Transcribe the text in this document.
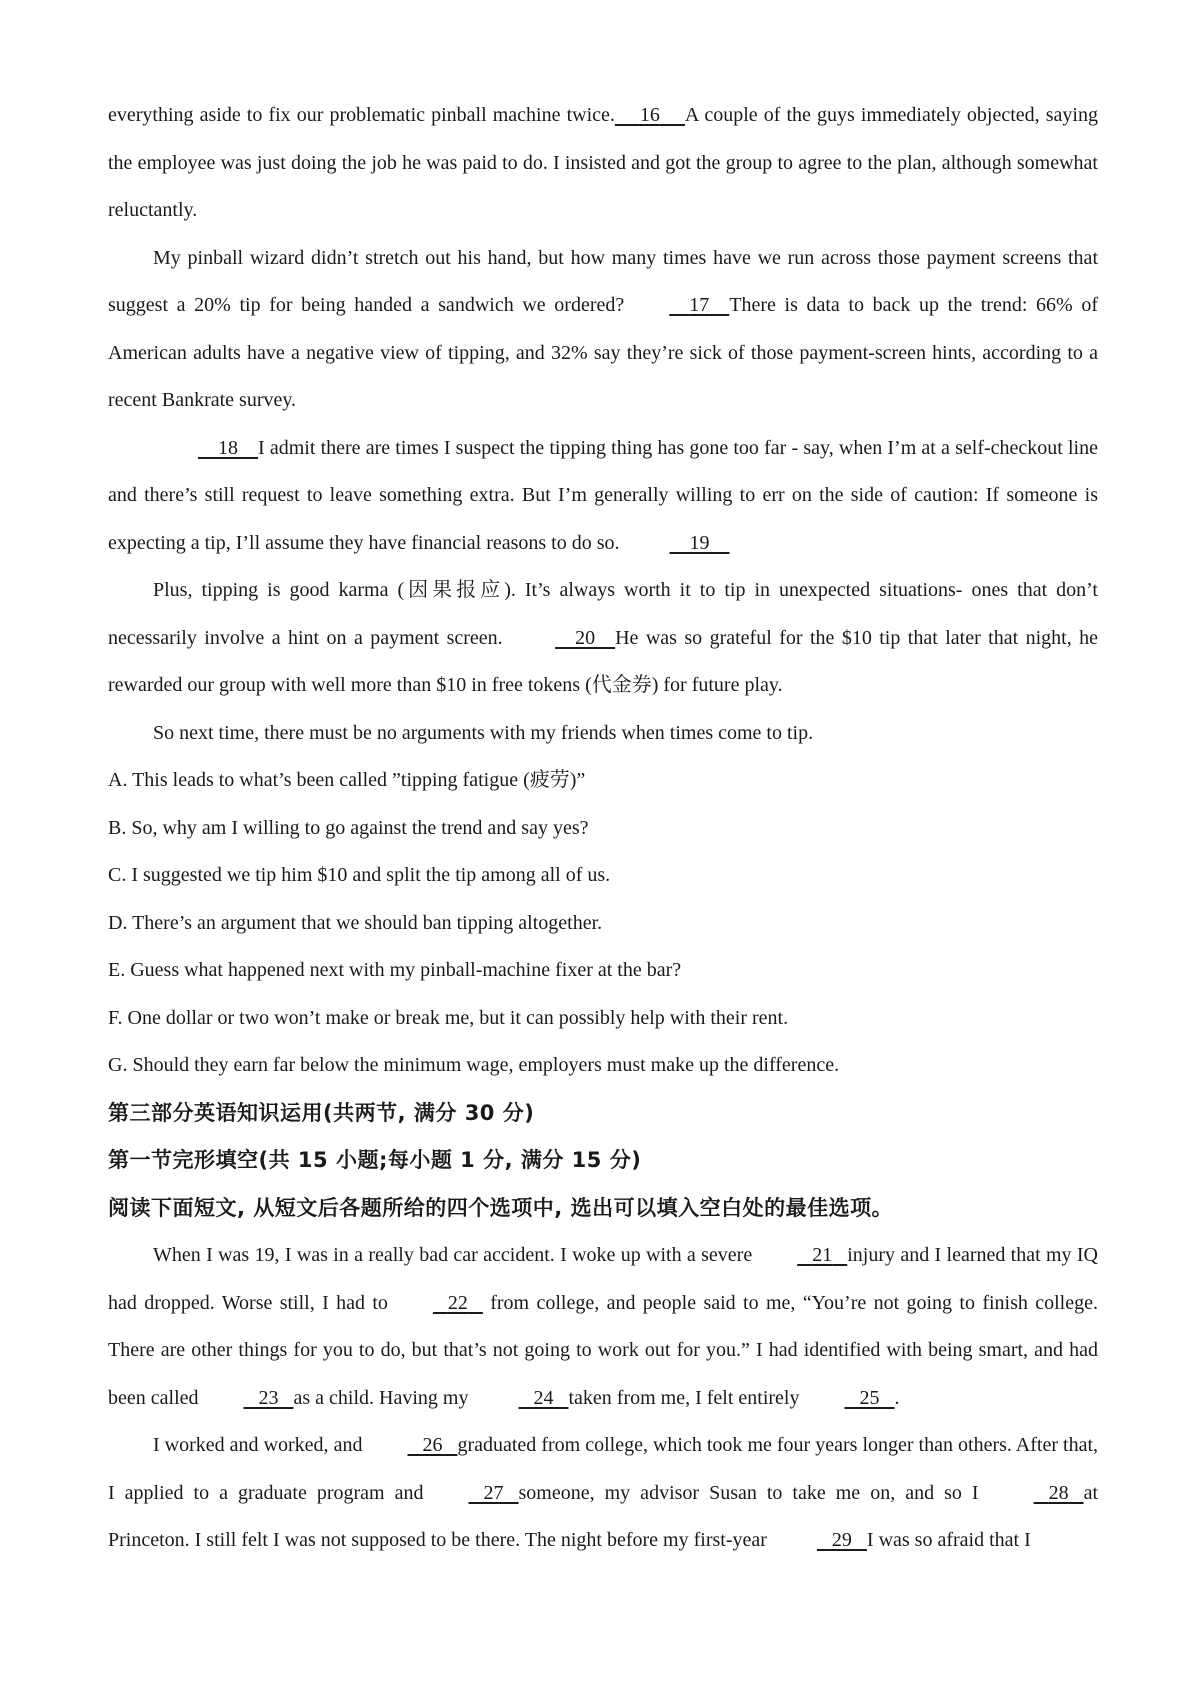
everything aside to fix our problematic pinball machine twice. 16 A couple of the guys immediately objected, saying the employee was just doing the job he was paid to do. I insisted and got the group to agree to the plan, although somewhat reluctantly.

My pinball wizard didn’t stretch out his hand, but how many times have we run across those payment screens that suggest a 20% tip for being handed a sandwich we ordered?	17 There is data to back up the trend: 66% of American adults have a negative view of tipping, and 32% say they’re sick of those payment-screen hints, according to a recent Bankrate survey.

18 I admit there are times I suspect the tipping thing has gone too far - say, when I’m at a self-checkout line and there’s still request to leave something extra. But I’m generally willing to err on the side of caution: If someone is expecting a tip, I’ll assume they have financial reasons to do so.	19

Plus, tipping is good karma (因果报应). It’s always worth it to tip in unexpected situations- ones that don’t necessarily involve a hint on a payment screen.	20 He was so grateful for the $10 tip that later that night, he rewarded our group with well more than $10 in free tokens (代金券) for future play.

So next time, there must be no arguments with my friends when times come to tip.

A. This leads to what’s been called ”tipping fatigue (疲劳)”

B. So, why am I willing to go against the trend and say yes?

C. I suggested we tip him $10 and split the tip among all of us.

D. There’s an argument that we should ban tipping altogether.

E. Guess what happened next with my pinball-machine fixer at the bar?

F. One dollar or two won’t make or break me, but it can possibly help with their rent.

G. Should they earn far below the minimum wage, employers must make up the difference.

第三部分英语知识运用(共两节, 满分 30 分)

第一节完形填空(共 15 小题;每小题 1 分, 满分 15 分)

阅读下面短文, 从短文后各题所给的四个选项中, 选出可以填入空白处的最佳选项。

When I was 19, I was in a really bad car accident. I woke up with a severe	21 injury and I learned that my IQ had dropped. Worse still, I had to	22 from college, and people said to me, “You’re not going to finish college. There are other things for you to do, but that’s not going to work out for you.” I had identified with being smart, and had been called	23 as a child. Having my	24 taken from me, I felt entirely	25 .

I worked and worked, and	26 graduated from college, which took me four years longer than others. After that, I applied to a graduate program and	27 someone, my advisor Susan to take me on, and so I	28 at Princeton. I still felt I was not supposed to be there. The night before my first-year	29 I was so afraid that I
